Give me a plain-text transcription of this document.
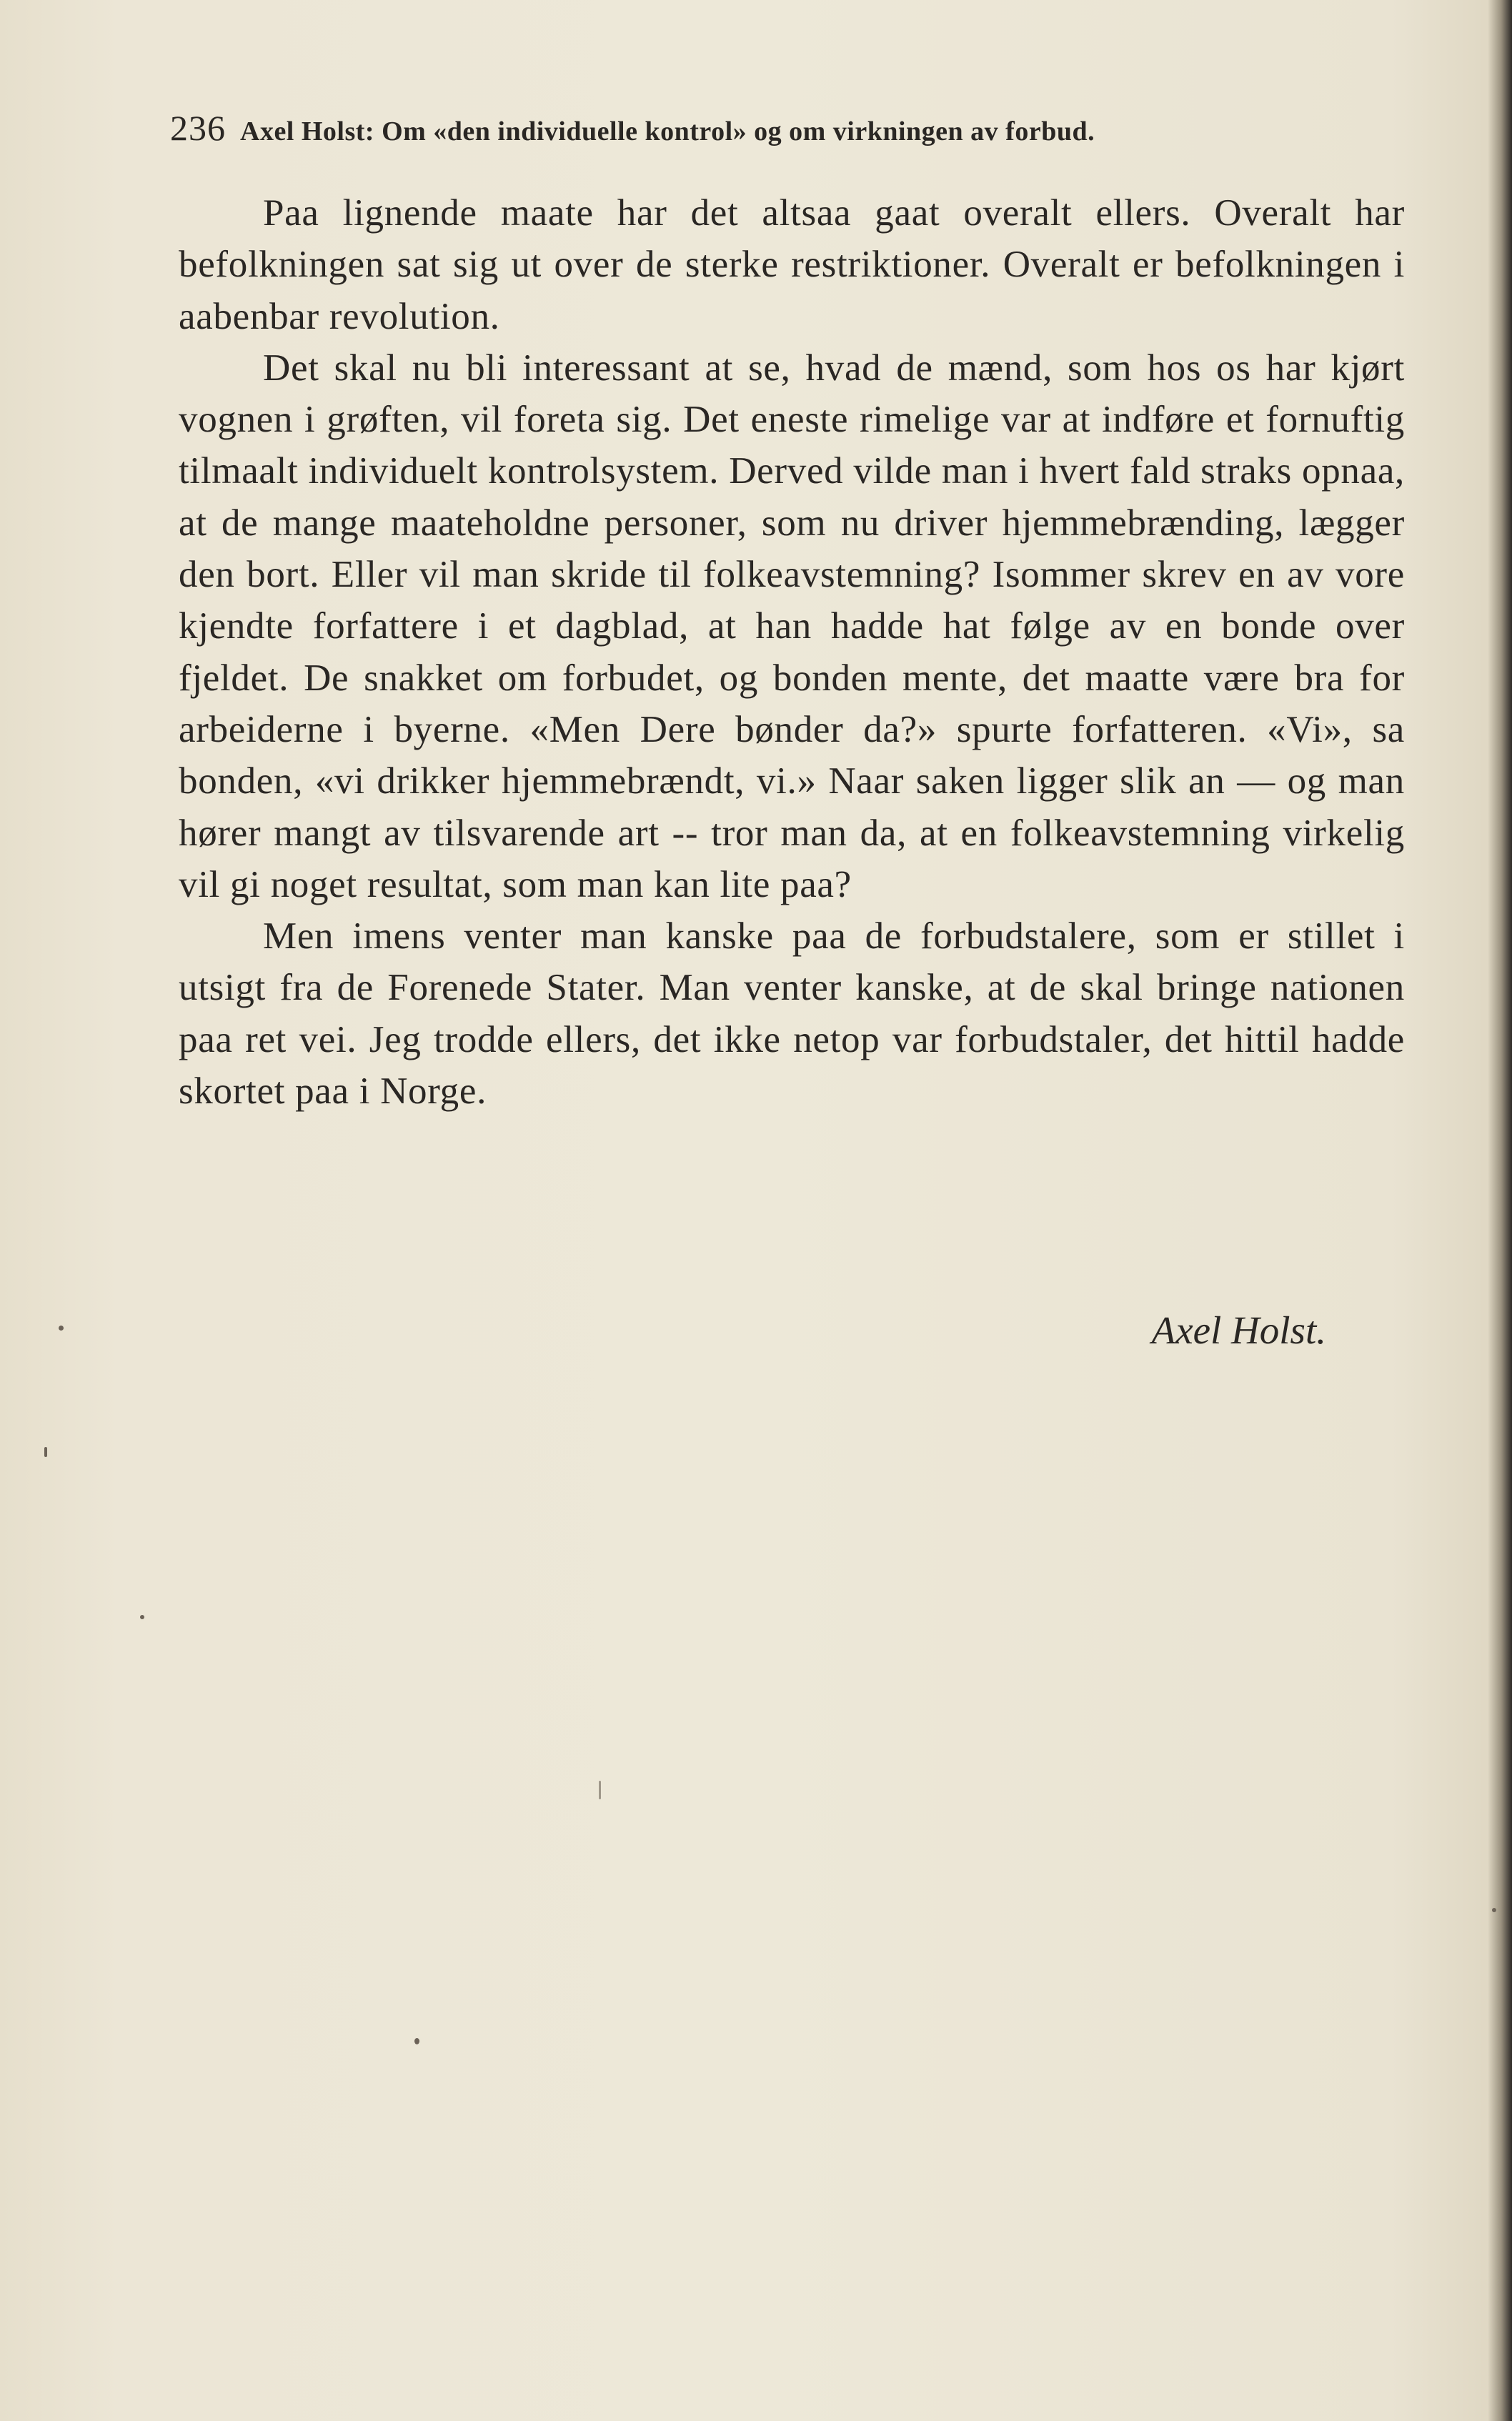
236 Axel Holst: Om «den individuelle kontrol» og om virkningen av forbud.

Paa lignende maate har det altsaa gaat overalt ellers. Overalt har befolkningen sat sig ut over de sterke restriktioner. Overalt er befolkningen i aabenbar revolution.

Det skal nu bli interessant at se, hvad de mænd, som hos os har kjørt vognen i grøften, vil foreta sig. Det eneste rimelige var at indføre et fornuftig tilmaalt individuelt kontrolsystem. Derved vilde man i hvert fald straks opnaa, at de mange maateholdne personer, som nu driver hjemmebrænding, lægger den bort. Eller vil man skride til folkeavstemning? Isommer skrev en av vore kjendte forfattere i et dagblad, at han hadde hat følge av en bonde over fjeldet. De snakket om forbudet, og bonden mente, det maatte være bra for arbeiderne i byerne. «Men Dere bønder da?» spurte forfatteren. «Vi», sa bonden, «vi drikker hjemmebrændt, vi.» Naar saken ligger slik an — og man hører mangt av tilsvarende art -- tror man da, at en folkeavstemning virkelig vil gi noget resultat, som man kan lite paa?

Men imens venter man kanske paa de forbudstalere, som er stillet i utsigt fra de Forenede Stater. Man venter kanske, at de skal bringe nationen paa ret vei. Jeg trodde ellers, det ikke netop var forbudstaler, det hittil hadde skortet paa i Norge.

Axel Holst.
